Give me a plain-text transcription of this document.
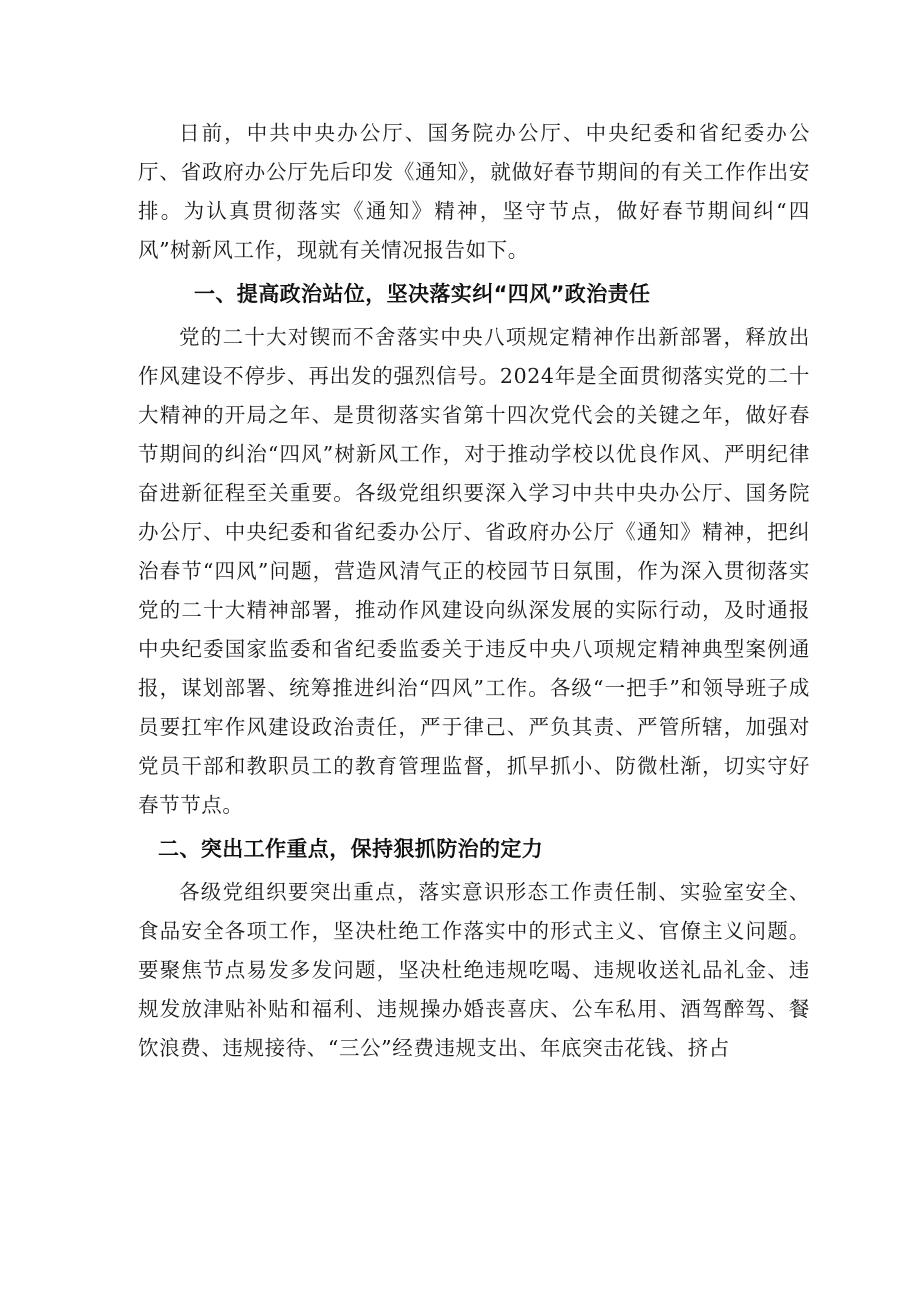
日前，中共中央办公厅、国务院办公厅、中央纪委和省纪委办公厅、省政府办公厅先后印发《通知》，就做好春节期间的有关工作作出安排。为认真贯彻落实《通知》精神，坚守节点，做好春节期间纠“四风”树新风工作，现就有关情况报告如下。

一、提高政治站位，坚决落实纠“四风”政治责任

党的二十大对锲而不舍落实中央八项规定精神作出新部署，释放出作风建设不停步、再出发的强烈信号。2024年是全面贯彻落实党的二十大精神的开局之年、是贯彻落实省第十四次党代会的关键之年，做好春节期间的纠治“四风”树新风工作，对于推动学校以优良作风、严明纪律奋进新征程至关重要。各级党组织要深入学习中共中央办公厅、国务院办公厅、中央纪委和省纪委办公厅、省政府办公厅《通知》精神，把纠治春节“四风”问题，营造风清气正的校园节日氛围，作为深入贯彻落实党的二十大精神部署，推动作风建设向纵深发展的实际行动，及时通报中央纪委国家监委和省纪委监委关于违反中央八项规定精神典型案例通报，谋划部署、统筹推进纠治“四风”工作。各级“一把手”和领导班子成员要扛牢作风建设政治责任，严于律己、严负其责、严管所辖，加强对党员干部和教职员工的教育管理监督，抓早抓小、防微杜渐，切实守好春节节点。

二、突出工作重点，保持狠抓防治的定力

各级党组织要突出重点，落实意识形态工作责任制、实验室安全、食品安全各项工作，坚决杜绝工作落实中的形式主义、官僚主义问题。要聚焦节点易发多发问题，坚决杜绝违规吃喝、违规收送礼品礼金、违规发放津贴补贴和福利、违规操办婚丧喜庆、公车私用、酒驾醉驾、餐饮浪费、违规接待、“三公”经费违规支出、年底突击花钱、挤占
